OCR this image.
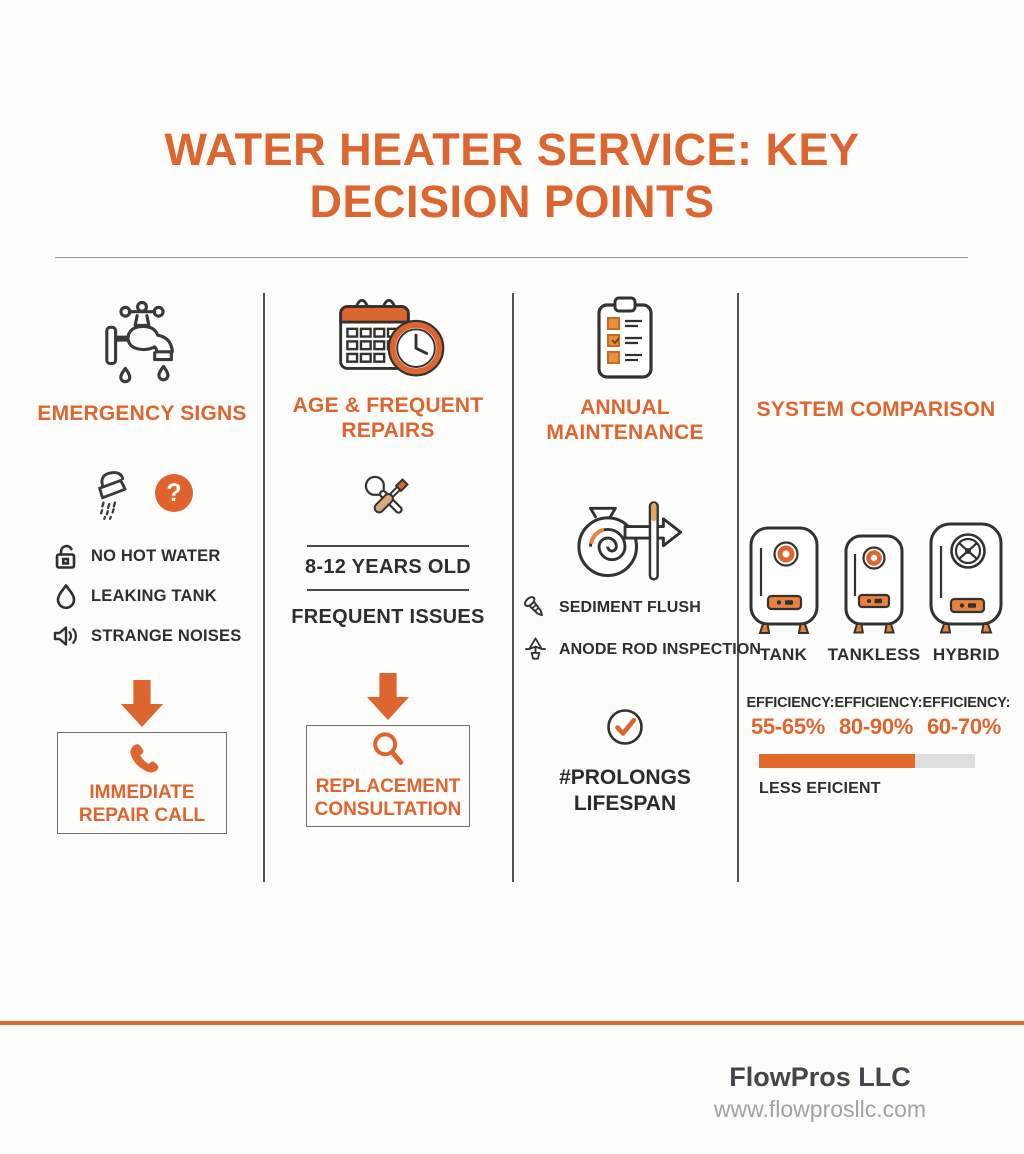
WATER HEATER SERVICE: KEY DECISION POINTS
EMERGENCY SIGNS
?
NO HOT WATER
LEAKING TANK
STRANGE NOISES
IMMEDIATE REPAIR CALL
AGE & FREQUENT REPAIRS
8-12 YEARS OLD
FREQUENT ISSUES
REPLACEMENT CONSULTATION
ANNUAL MAINTENANCE
SEDIMENT FLUSH
ANODE ROD INSPECTION
#PROLONGS LIFESPAN
SYSTEM COMPARISON
TANK TANKLESS HYBRID
EFFICIENCY:
55-65%
EFFICIENCY:
80-90%
EFFICIENCY:
60-70%
LESS EFICIENT
FlowPros LLC
www.flowprosllc.com
